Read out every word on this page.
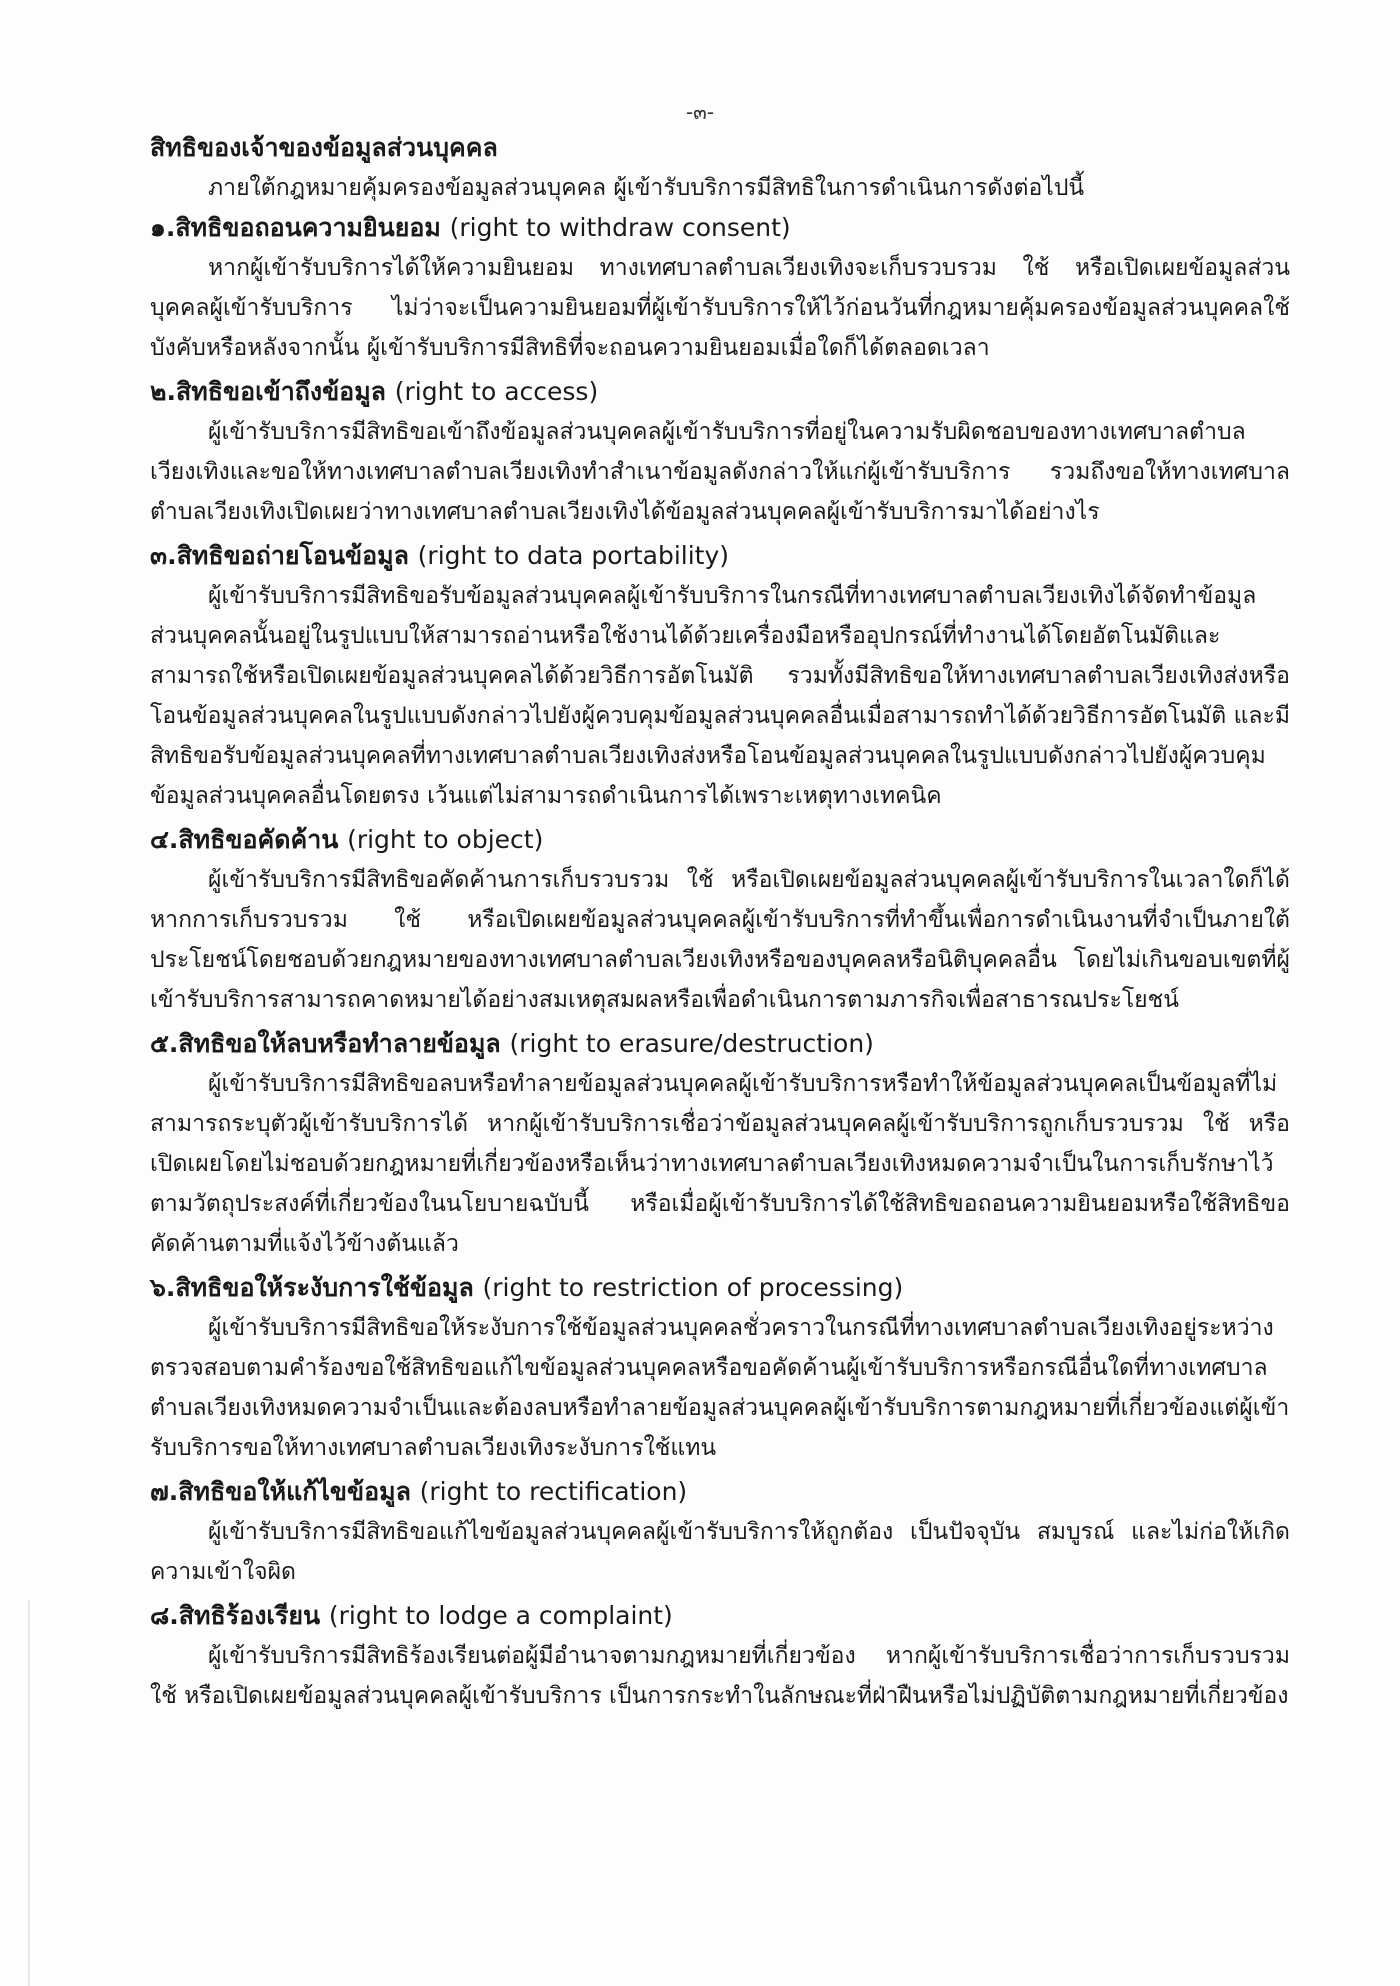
-๓-

สิทธิของเจ้าของข้อมูลส่วนบุคคล

ภายใต้กฎหมายคุ้มครองข้อมูลส่วนบุคคล ผู้เข้ารับบริการมีสิทธิในการดำเนินการดังต่อไปนี้

๑.สิทธิขอถอนความยินยอม (right to withdraw consent)

หากผู้เข้ารับบริการได้ให้ความยินยอม ทางเทศบาลตำบลเวียงเทิงจะเก็บรวบรวม ใช้ หรือเปิดเผยข้อมูลส่วนบุคคลผู้เข้ารับบริการ ไม่ว่าจะเป็นความยินยอมที่ผู้เข้ารับบริการให้ไว้ก่อนวันที่กฎหมายคุ้มครองข้อมูลส่วนบุคคลใช้บังคับหรือหลังจากนั้น ผู้เข้ารับบริการมีสิทธิที่จะถอนความยินยอมเมื่อใดก็ได้ตลอดเวลา

๒.สิทธิขอเข้าถึงข้อมูล (right to access)

ผู้เข้ารับบริการมีสิทธิขอเข้าถึงข้อมูลส่วนบุคคลผู้เข้ารับบริการที่อยู่ในความรับผิดชอบของทางเทศบาลตำบลเวียงเทิงและขอให้ทางเทศบาลตำบลเวียงเทิงทำสำเนาข้อมูลดังกล่าวให้แก่ผู้เข้ารับบริการ รวมถึงขอให้ทางเทศบาลตำบลเวียงเทิงเปิดเผยว่าทางเทศบาลตำบลเวียงเทิงได้ข้อมูลส่วนบุคคลผู้เข้ารับบริการมาได้อย่างไร

๓.สิทธิขอถ่ายโอนข้อมูล (right to data portability)

ผู้เข้ารับบริการมีสิทธิขอรับข้อมูลส่วนบุคคลผู้เข้ารับบริการในกรณีที่ทางเทศบาลตำบลเวียงเทิงได้จัดทำข้อมูลส่วนบุคคลนั้นอยู่ในรูปแบบให้สามารถอ่านหรือใช้งานได้ด้วยเครื่องมือหรืออุปกรณ์ที่ทำงานได้โดยอัตโนมัติและสามารถใช้หรือเปิดเผยข้อมูลส่วนบุคคลได้ด้วยวิธีการอัตโนมัติ รวมทั้งมีสิทธิขอให้ทางเทศบาลตำบลเวียงเทิงส่งหรือโอนข้อมูลส่วนบุคคลในรูปแบบดังกล่าวไปยังผู้ควบคุมข้อมูลส่วนบุคคลอื่นเมื่อสามารถทำได้ด้วยวิธีการอัตโนมัติ และมีสิทธิขอรับข้อมูลส่วนบุคคลที่ทางเทศบาลตำบลเวียงเทิงส่งหรือโอนข้อมูลส่วนบุคคลในรูปแบบดังกล่าวไปยังผู้ควบคุมข้อมูลส่วนบุคคลอื่นโดยตรง เว้นแต่ไม่สามารถดำเนินการได้เพราะเหตุทางเทคนิค

๔.สิทธิขอคัดค้าน (right to object)

ผู้เข้ารับบริการมีสิทธิขอคัดค้านการเก็บรวบรวม ใช้ หรือเปิดเผยข้อมูลส่วนบุคคลผู้เข้ารับบริการในเวลาใดก็ได้ หากการเก็บรวบรวม ใช้ หรือเปิดเผยข้อมูลส่วนบุคคลผู้เข้ารับบริการที่ทำขึ้นเพื่อการดำเนินงานที่จำเป็นภายใต้ประโยชน์โดยชอบด้วยกฎหมายของทางเทศบาลตำบลเวียงเทิงหรือของบุคคลหรือนิติบุคคลอื่น โดยไม่เกินขอบเขตที่ผู้เข้ารับบริการสามารถคาดหมายได้อย่างสมเหตุสมผลหรือเพื่อดำเนินการตามภารกิจเพื่อสาธารณประโยชน์

๕.สิทธิขอให้ลบหรือทำลายข้อมูล (right to erasure/destruction)

ผู้เข้ารับบริการมีสิทธิขอลบหรือทำลายข้อมูลส่วนบุคคลผู้เข้ารับบริการหรือทำให้ข้อมูลส่วนบุคคลเป็นข้อมูลที่ไม่สามารถระบุตัวผู้เข้ารับบริการได้ หากผู้เข้ารับบริการเชื่อว่าข้อมูลส่วนบุคคลผู้เข้ารับบริการถูกเก็บรวบรวม ใช้ หรือเปิดเผยโดยไม่ชอบด้วยกฎหมายที่เกี่ยวข้องหรือเห็นว่าทางเทศบาลตำบลเวียงเทิงหมดความจำเป็นในการเก็บรักษาไว้ตามวัตถุประสงค์ที่เกี่ยวข้องในนโยบายฉบับนี้ หรือเมื่อผู้เข้ารับบริการได้ใช้สิทธิขอถอนความยินยอมหรือใช้สิทธิขอคัดค้านตามที่แจ้งไว้ข้างต้นแล้ว

๖.สิทธิขอให้ระงับการใช้ข้อมูล (right to restriction of processing)

ผู้เข้ารับบริการมีสิทธิขอให้ระงับการใช้ข้อมูลส่วนบุคคลชั่วคราวในกรณีที่ทางเทศบาลตำบลเวียงเทิงอยู่ระหว่างตรวจสอบตามคำร้องขอใช้สิทธิขอแก้ไขข้อมูลส่วนบุคคลหรือขอคัดค้านผู้เข้ารับบริการหรือกรณีอื่นใดที่ทางเทศบาลตำบลเวียงเทิงหมดความจำเป็นและต้องลบหรือทำลายข้อมูลส่วนบุคคลผู้เข้ารับบริการตามกฎหมายที่เกี่ยวข้องแต่ผู้เข้ารับบริการขอให้ทางเทศบาลตำบลเวียงเทิงระงับการใช้แทน

๗.สิทธิขอให้แก้ไขข้อมูล (right to rectification)

ผู้เข้ารับบริการมีสิทธิขอแก้ไขข้อมูลส่วนบุคคลผู้เข้ารับบริการให้ถูกต้อง เป็นปัจจุบัน สมบูรณ์ และไม่ก่อให้เกิดความเข้าใจผิด

๘.สิทธิร้องเรียน (right to lodge a complaint)

ผู้เข้ารับบริการมีสิทธิร้องเรียนต่อผู้มีอำนาจตามกฎหมายที่เกี่ยวข้อง หากผู้เข้ารับบริการเชื่อว่าการเก็บรวบรวม ใช้ หรือเปิดเผยข้อมูลส่วนบุคคลผู้เข้ารับบริการ เป็นการกระทำในลักษณะที่ฝ่าฝืนหรือไม่ปฏิบัติตามกฎหมายที่เกี่ยวข้อง
